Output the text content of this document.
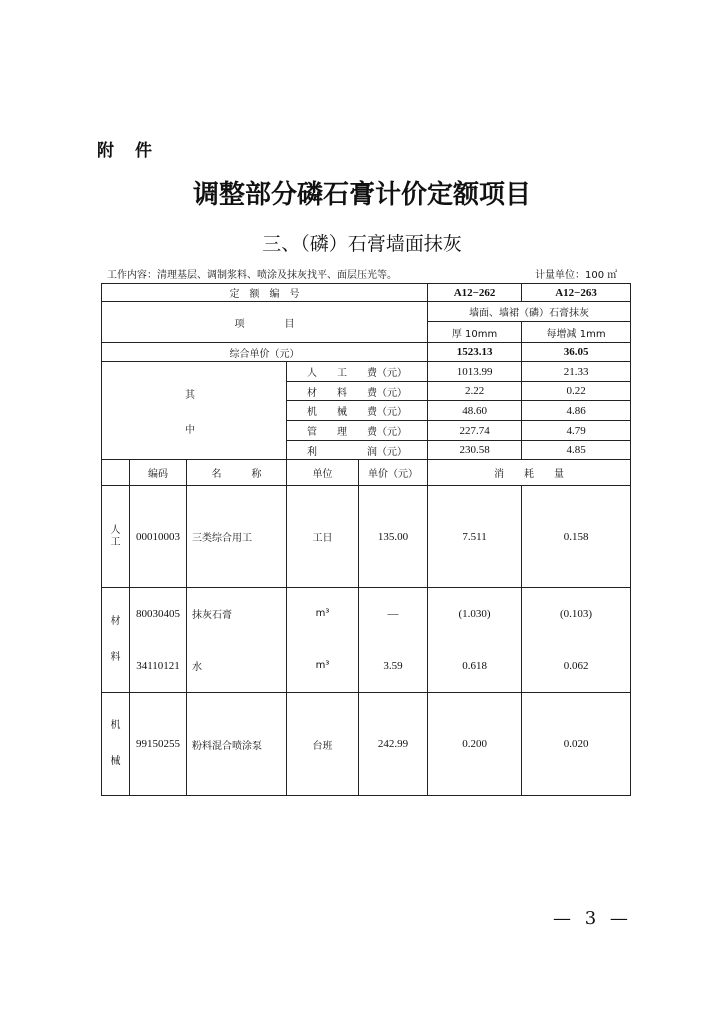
附　件
调整部分磷石膏计价定额项目
三、（磷）石膏墙面抹灰
工作内容：清理基层、调制浆料、喷涂及抹灰找平、面层压光等。	计量单位：100 ㎡
定　额　编　号					A12−262	A12−263
项　　　　目					墙面、墙裙（磷）石膏抹灰	
					厚 10mm	每增减 1mm
综合单价（元）					1523.13	36.05

其
中			人　　工　　费（元）		1013.99	21.33
			材　　料　　费（元）		2.22	0.22
			机　　械　　费（元）		48.60	4.86
			管　　理　　费（元）		227.74	4.79
			利　　　　　润（元）		230.58	4.85
	编码	名　　　称	单位	单价（元）	消　　耗　　量	

人
工	00010003	三类综合用工	工日	135.00	7.511	0.158

材

料	80030405	抹灰石膏	m³	—	(1.030)	(0.103)
	34110121	水	m³	3.59	0.618	0.062

机

械	99150255	粉料混合喷涂泵	台班	242.99	0.200	0.020
— 3 —
